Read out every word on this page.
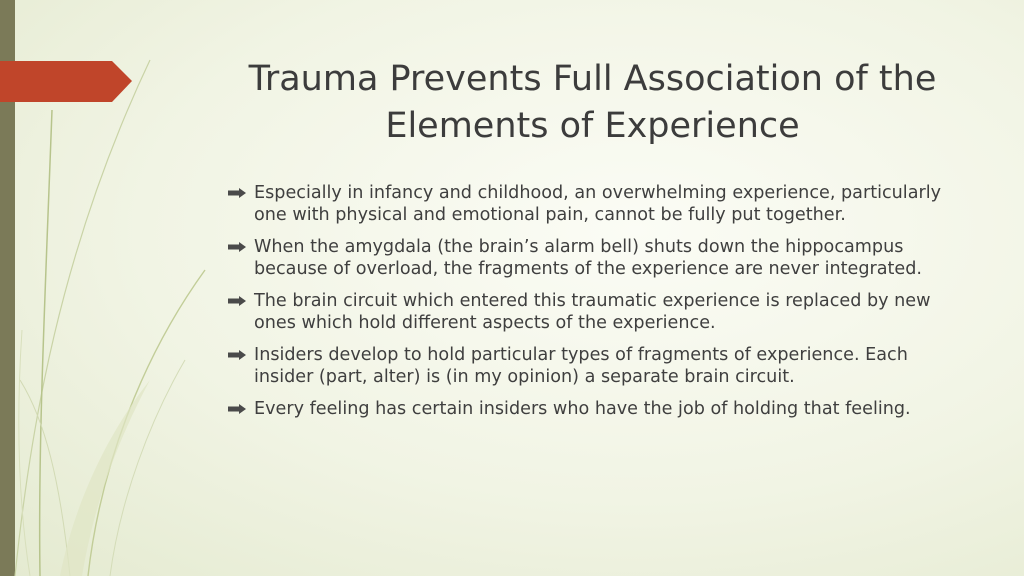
Trauma Prevents Full Association of the Elements of Experience
Especially in infancy and childhood, an overwhelming experience, particularly one with physical and emotional pain, cannot be fully put together.
When the amygdala (the brain’s alarm bell) shuts down the hippocampus because of overload, the fragments of the experience are never integrated.
The brain circuit which entered this traumatic experience is replaced by new ones which hold different aspects of the experience.
Insiders develop to hold particular types of fragments of experience. Each insider (part, alter) is (in my opinion) a separate brain circuit.
Every feeling has certain insiders who have the job of holding that feeling.
